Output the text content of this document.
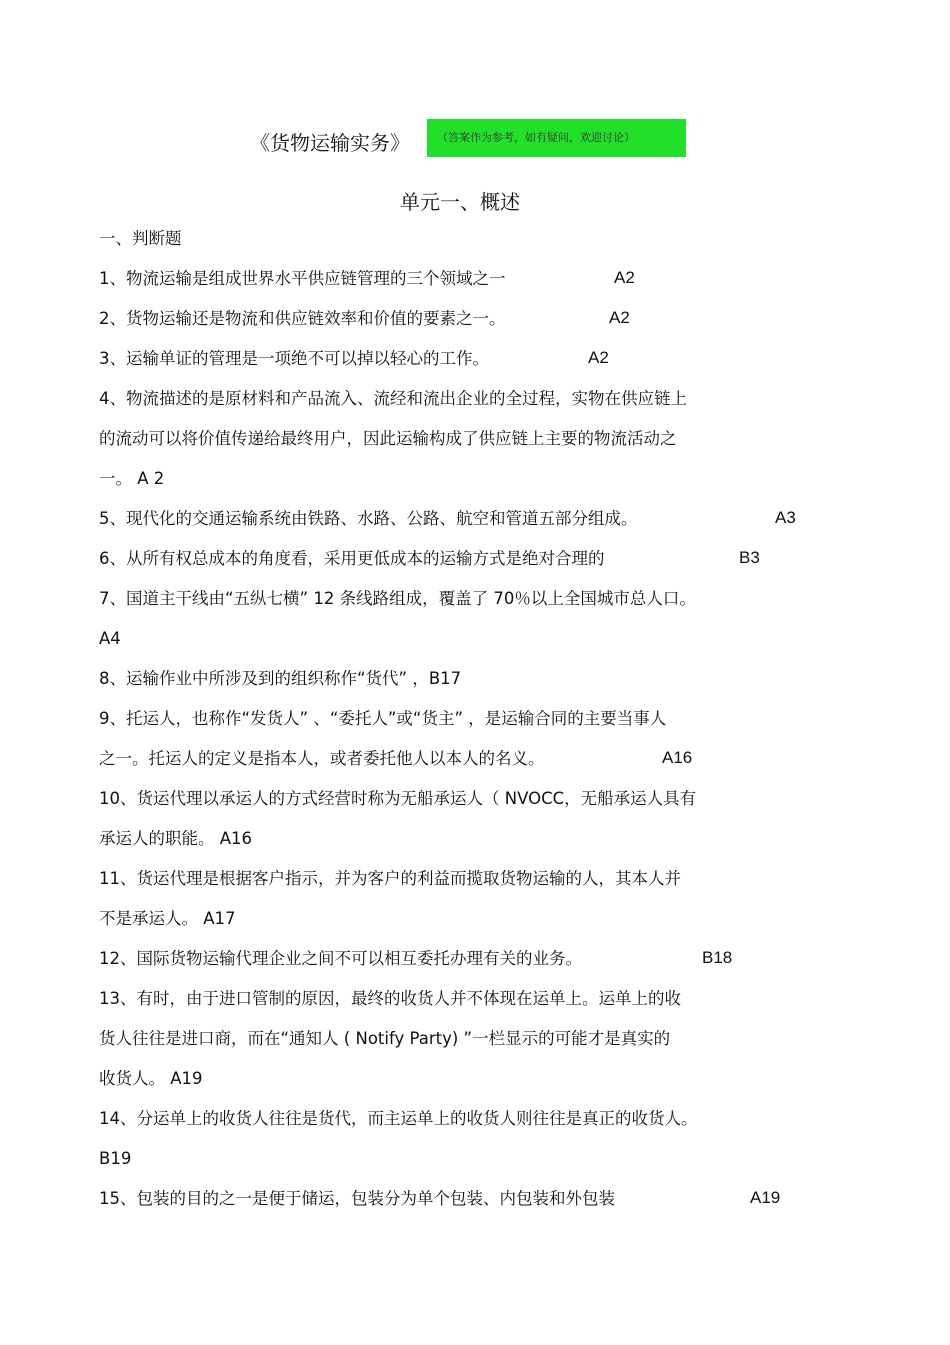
《货物运输实务》	（答案作为参考，如有疑问，欢迎讨论）
单元一、概述
一、判断题
1、物流运输是组成世界水平供应链管理的三个领域之一	A2
2、货物运输还是物流和供应链效率和价值的要素之一。	A2
3、运输单证的管理是一项绝不可以掉以轻心的工作。	A2
4、物流描述的是原材料和产品流入、流经和流出企业的全过程，实物在供应链上
的流动可以将价值传递给最终用户，因此运输构成了供应链上主要的物流活动之
一。 A 2
5、现代化的交通运输系统由铁路、水路、公路、航空和管道五部分组成。	A3
6、从所有权总成本的角度看，采用更低成本的运输方式是绝对合理的	B3
7、国道主干线由“五纵七横” 12 条线路组成，覆盖了 70％以上全国城市总人口。
A4
8、运输作业中所涉及到的组织称作“货代” ，B17
9、托运人，也称作“发货人” 、“委托人”或“货主” ，是运输合同的主要当事人
之一。托运人的定义是指本人，或者委托他人以本人的名义。	A16
10、货运代理以承运人的方式经营时称为无船承运人（ NVOCC，无船承运人具有
承运人的职能。 A16
11、货运代理是根据客户指示，并为客户的利益而揽取货物运输的人，其本人并
不是承运人。 A17
12、国际货物运输代理企业之间不可以相互委托办理有关的业务。	B18
13、有时，由于进口管制的原因，最终的收货人并不体现在运单上。运单上的收
货人往往是进口商，而在“通知人 ( Notify Party) ”一栏显示的可能才是真实的
收货人。 A19
14、分运单上的收货人往往是货代，而主运单上的收货人则往往是真正的收货人。
B19
15、包装的目的之一是便于储运，包装分为单个包装、内包装和外包装	A19
